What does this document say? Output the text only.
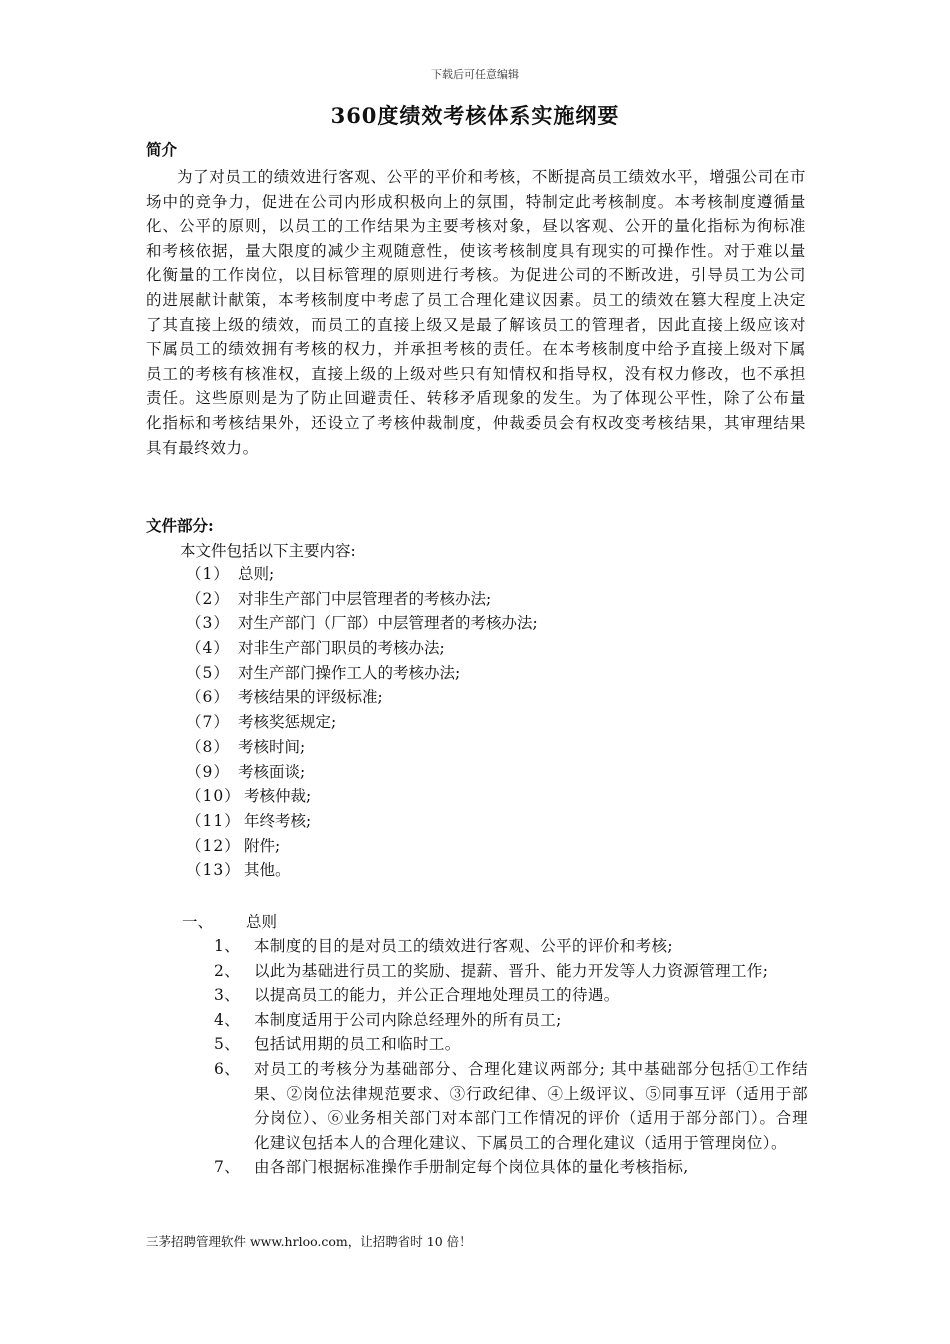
下载后可任意编辑
360度绩效考核体系实施纲要
简介
为了对员工的绩效进行客观、公平的平价和考核，不断提高员工绩效水平，增强公司在市场中的竞争力，促进在公司内形成积极向上的氛围，特制定此考核制度。本考核制度遵循量化、公平的原则，以员工的工作结果为主要考核对象，昼以客观、公开的量化指标为徇标准和考核依据，量大限度的减少主观随意性，使该考核制度具有现实的可操作性。对于难以量化衡量的工作岗位，以目标管理的原则进行考核。为促进公司的不断改进，引导员工为公司的进展献计献策，本考核制度中考虑了员工合理化建议因素。员工的绩效在篡大程度上决定了其直接上级的绩效，而员工的直接上级又是最了解该员工的管理者，因此直接上级应该对下属员工的绩效拥有考核的权力，并承担考核的责任。在本考核制度中给予直接上级对下属员工的考核有核准权，直接上级的上级对些只有知情权和指导权，没有权力修改，也不承担责任。这些原则是为了防止回避责任、转移矛盾现象的发生。为了体现公平性，除了公布量化指标和考核结果外，还设立了考核仲裁制度，仲裁委员会有权改变考核结果，其审理结果具有最终效力。
文件部分:
本文件包括以下主要内容:
（1） 总则;
（2） 对非生产部门中层管理者的考核办法;
（3） 对生产部门（厂部）中层管理者的考核办法;
（4） 对非生产部门职员的考核办法;
（5） 对生产部门操作工人的考核办法;
（6） 考核结果的评级标准;
（7） 考核奖惩规定;
（8） 考核时间;
（9） 考核面谈;
（10） 考核仲裁;
（11） 年终考核;
（12） 附件;
（13） 其他。
一、 总则
1、 本制度的目的是对员工的绩效进行客观、公平的评价和考核;
2、 以此为基础进行员工的奖励、提薪、晋升、能力开发等人力资源管理工作;
3、 以提高员工的能力，并公正合理地处理员工的待遇。
4、 本制度适用于公司内除总经理外的所有员工;
5、 包括试用期的员工和临时工。
6、 对员工的考核分为基础部分、合理化建议两部分; 其中基础部分包括①工作结果、②岗位法律规范要求、③行政纪律、④上级评议、⑤同事互评（适用于部分岗位）、⑥业务相关部门对本部门工作情况的评价（适用于部分部门）。合理化建议包括本人的合理化建议、下属员工的合理化建议（适用于管理岗位）。
7、 由各部门根据标准操作手册制定每个岗位具体的量化考核指标,
三茅招聘管理软件 www.hrloo.com，让招聘省时 10 倍！
